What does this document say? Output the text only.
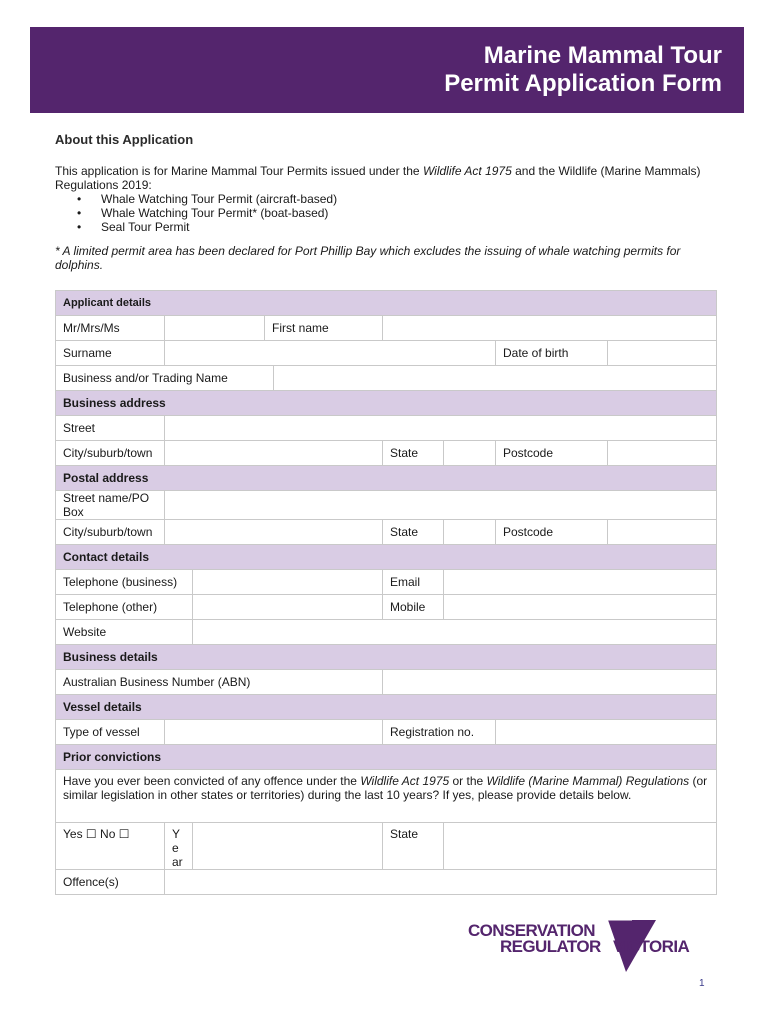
Marine Mammal Tour
Permit Application Form
About this Application

This application is for Marine Mammal Tour Permits issued under the Wildlife Act 1975 and the Wildlife (Marine Mammals) Regulations 2019:

• Whale Watching Tour Permit (aircraft-based)
• Whale Watching Tour Permit* (boat-based)
• Seal Tour Permit

* A limited permit area has been declared for Port Phillip Bay which excludes the issuing of whale watching permits for dolphins.

Applicant details								
Mr/Mrs/Ms			First name					
Surname							Date of birth	
Business and/or Trading Name								
Business address								
Street								
City/suburb/town					State		Postcode	
Postal address								
Street name/PO Box								
City/suburb/town					State		Postcode	
Contact details								
Telephone (business)					Email			
Telephone (other)					Mobile			
Website								
Business details								
Australian Business Number (ABN)								
Vessel details								
Type of vessel					Registration no.			
Prior convictions								
Have you ever been convicted of any offence under the Wildlife Act 1975 or the Wildlife (Marine Mammal) Regulations (or similar legislation in other states or territories) during the last 10 years? If yes, please provide details below.								
Yes ☐ No ☐	Year				State			
Offence(s)								
CONSERVATION
REGULATOR VICTORIA
1
